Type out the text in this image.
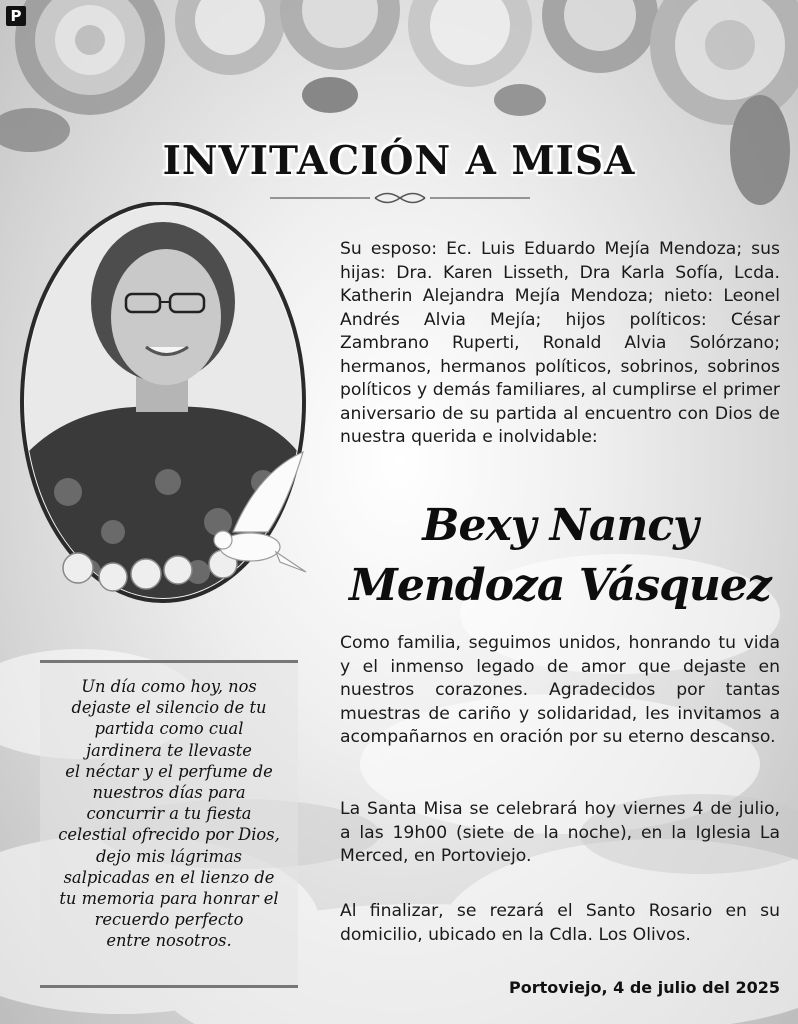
P
INVITACIÓN A MISA
Su esposo: Ec. Luis Eduardo Mejía Mendoza; sus hijas: Dra. Karen Lisseth, Dra Karla Sofía, Lcda. Katherin Alejandra Mejía Mendoza; nieto: Leonel Andrés Alvia Mejía; hijos políticos: César Zambrano Ruperti, Ronald Alvia Solórzano; hermanos, hermanos políticos, sobrinos, sobrinos políticos y demás familiares, al cumplirse el primer aniversario de su partida al encuentro con Dios de nuestra querida e inolvidable:
Bexy Nancy
Mendoza Vásquez
Como familia, seguimos unidos, honrando tu vida y el inmenso legado de amor que dejaste en nuestros corazones. Agradecidos por tantas muestras de cariño y solidaridad, les invitamos a acompañarnos en oración por su eterno descanso.
La Santa Misa se celebrará hoy viernes 4 de julio, a las 19h00 (siete de la noche), en la Iglesia La Merced, en Portoviejo.
Al finalizar, se rezará el Santo Rosario en su domicilio, ubicado en la Cdla. Los Olivos.
Un día como hoy, nos
dejaste el silencio de tu
partida como cual
jardinera te llevaste
el néctar y el perfume de
nuestros días para
concurrir a tu fiesta
celestial ofrecido por Dios,
dejo mis lágrimas
salpicadas en el lienzo de
tu memoria para honrar el
recuerdo perfecto
entre nosotros.
Portoviejo, 4 de julio del 2025
